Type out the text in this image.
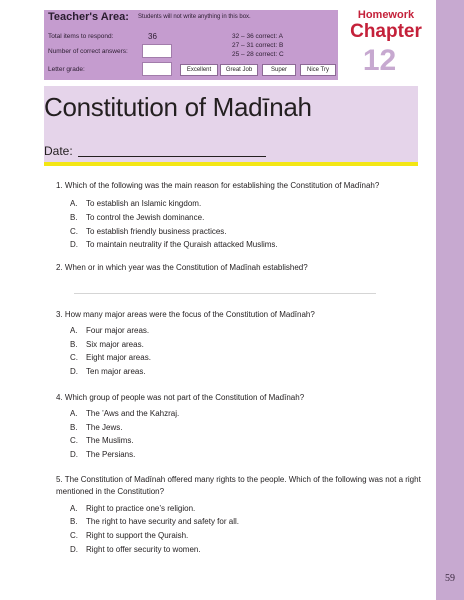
59
Teacher's Area: Students will not write anything in this box.
Total items to respond:	36
Number of correct answers:
Letter grade:
32 – 36 correct: A
27 – 31 correct: B
25 – 28 correct: C
Excellent	Great Job	Super	Nice Try
Homework
Chapter
12
Constitution of Madīnah
Date:
1. Which of the following was the main reason for establishing the Constitution of Madīnah?
A. To establish an Islamic kingdom.
B. To control the Jewish dominance.
C. To establish friendly business practices.
D. To maintain neutrality if the Quraish attacked Muslims.
2. When or in which year was the Constitution of Madīnah established?
3. How many major areas were the focus of the Constitution of Madīnah?
A. Four major areas.
B. Six major areas.
C. Eight major areas.
D. Ten major areas.
4. Which group of people was not part of the Constitution of Madīnah?
A. The ’Aws and the Kahzraj.
B. The Jews.
C. The Muslims.
D. The Persians.
5. The Constitution of Madīnah offered many rights to the people. Which of the following was not a right mentioned in the Constitution?
A. Right to practice one’s religion.
B. The right to have security and safety for all.
C. Right to support the Quraish.
D. Right to offer security to women.
